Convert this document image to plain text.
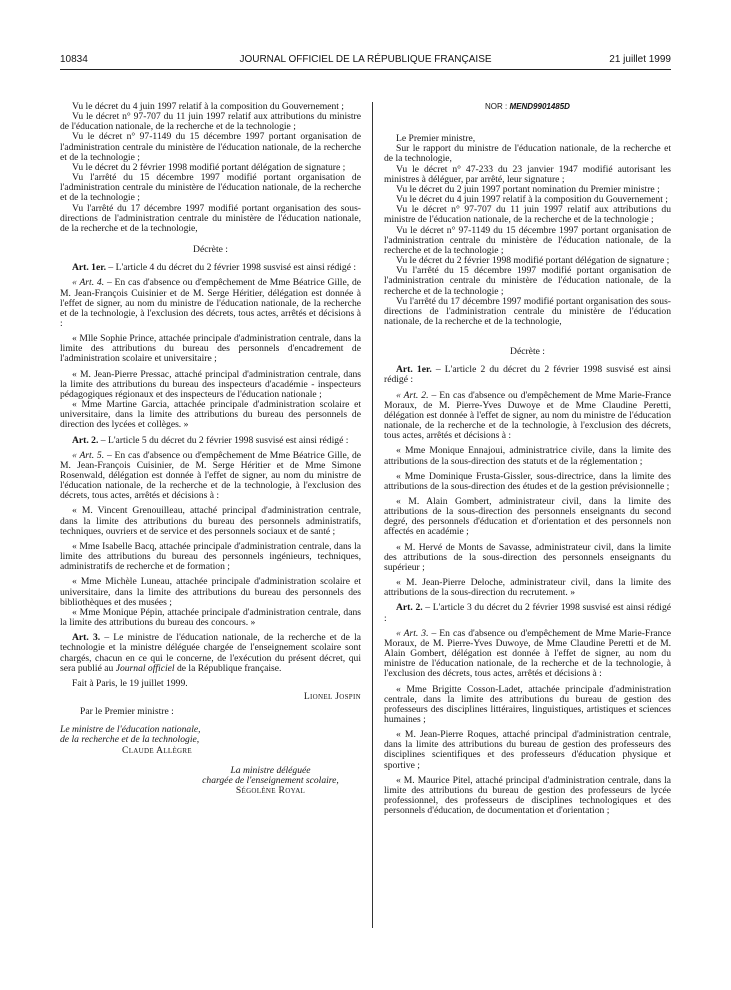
10834	JOURNAL OFFICIEL DE LA RÉPUBLIQUE FRANÇAISE	21 juillet 1999

Vu le décret du 4 juin 1997 relatif à la composition du Gouvernement ;

Vu le décret n° 97-707 du 11 juin 1997 relatif aux attributions du ministre de l'éducation nationale, de la recherche et de la technologie ;

Vu le décret n° 97-1149 du 15 décembre 1997 portant organisation de l'administration centrale du ministère de l'éducation nationale, de la recherche et de la technologie ;

Vu le décret du 2 février 1998 modifié portant délégation de signature ;

Vu l'arrêté du 15 décembre 1997 modifié portant organisation de l'administration centrale du ministère de l'éducation nationale, de la recherche et de la technologie ;

Vu l'arrêté du 17 décembre 1997 modifié portant organisation des sous-directions de l'administration centrale du ministère de l'éducation nationale, de la recherche et de la technologie,

Décrète :

Art. 1er. – L'article 4 du décret du 2 février 1998 susvisé est ainsi rédigé :

« Art. 4. – En cas d'absence ou d'empêchement de Mme Béatrice Gille, de M. Jean-François Cuisinier et de M. Serge Héritier, délégation est donnée à l'effet de signer, au nom du ministre de l'éducation nationale, de la recherche et de la technologie, à l'exclusion des décrets, tous actes, arrêtés et décisions à :

« Mlle Sophie Prince, attachée principale d'administration centrale, dans la limite des attributions du bureau des personnels d'encadrement de l'administration scolaire et universitaire ;

« M. Jean-Pierre Pressac, attaché principal d'administration centrale, dans la limite des attributions du bureau des inspecteurs d'académie - inspecteurs pédagogiques régionaux et des inspecteurs de l'éducation nationale ;

« Mme Martine Garcia, attachée principale d'administration scolaire et universitaire, dans la limite des attributions du bureau des personnels de direction des lycées et collèges. »

Art. 2. – L'article 5 du décret du 2 février 1998 susvisé est ainsi rédigé :

« Art. 5. – En cas d'absence ou d'empêchement de Mme Béatrice Gille, de M. Jean-François Cuisinier, de M. Serge Héritier et de Mme Simone Rosenwald, délégation est donnée à l'effet de signer, au nom du ministre de l'éducation nationale, de la recherche et de la technologie, à l'exclusion des décrets, tous actes, arrêtés et décisions à :

« M. Vincent Grenouilleau, attaché principal d'administration centrale, dans la limite des attributions du bureau des personnels administratifs, techniques, ouvriers et de service et des personnels sociaux et de santé ;

« Mme Isabelle Bacq, attachée principale d'administration centrale, dans la limite des attributions du bureau des personnels ingénieurs, techniques, administratifs de recherche et de formation ;

« Mme Michèle Luneau, attachée principale d'administration scolaire et universitaire, dans la limite des attributions du bureau des personnels des bibliothèques et des musées ;

« Mme Monique Pépin, attachée principale d'administration centrale, dans la limite des attributions du bureau des concours. »

Art. 3. – Le ministre de l'éducation nationale, de la recherche et de la technologie et la ministre déléguée chargée de l'enseignement scolaire sont chargés, chacun en ce qui le concerne, de l'exécution du présent décret, qui sera publié au Journal officiel de la République française.

Fait à Paris, le 19 juillet 1999.

Lionel Jospin

Par le Premier ministre :

Le ministre de l'éducation nationale,
de la recherche et de la technologie,
Claude Allègre
La ministre déléguée
chargée de l'enseignement scolaire,
Ségolène Royal

NOR : MEND9901485D

Le Premier ministre,

Sur le rapport du ministre de l'éducation nationale, de la recherche et de la technologie,

Vu le décret n° 47-233 du 23 janvier 1947 modifié autorisant les ministres à déléguer, par arrêté, leur signature ;

Vu le décret du 2 juin 1997 portant nomination du Premier ministre ;

Vu le décret du 4 juin 1997 relatif à la composition du Gouvernement ;

Vu le décret n° 97-707 du 11 juin 1997 relatif aux attributions du ministre de l'éducation nationale, de la recherche et de la technologie ;

Vu le décret n° 97-1149 du 15 décembre 1997 portant organisation de l'administration centrale du ministère de l'éducation nationale, de la recherche et de la technologie ;

Vu le décret du 2 février 1998 modifié portant délégation de signature ;

Vu l'arrêté du 15 décembre 1997 modifié portant organisation de l'administration centrale du ministère de l'éducation nationale, de la recherche et de la technologie ;

Vu l'arrêté du 17 décembre 1997 modifié portant organisation des sous-directions de l'administration centrale du ministère de l'éducation nationale, de la recherche et de la technologie,

Décrète :

Art. 1er. – L'article 2 du décret du 2 février 1998 susvisé est ainsi rédigé :

« Art. 2. – En cas d'absence ou d'empêchement de Mme Marie-France Moraux, de M. Pierre-Yves Duwoye et de Mme Claudine Peretti, délégation est donnée à l'effet de signer, au nom du ministre de l'éducation nationale, de la recherche et de la technologie, à l'exclusion des décrets, tous actes, arrêtés et décisions à :

« Mme Monique Ennajoui, administratrice civile, dans la limite des attributions de la sous-direction des statuts et de la réglementation ;

« Mme Dominique Frusta-Gissler, sous-directrice, dans la limite des attributions de la sous-direction des études et de la gestion prévisionnelle ;

« M. Alain Gombert, administrateur civil, dans la limite des attributions de la sous-direction des personnels enseignants du second degré, des personnels d'éducation et d'orientation et des personnels non affectés en académie ;

« M. Hervé de Monts de Savasse, administrateur civil, dans la limite des attributions de la sous-direction des personnels enseignants du supérieur ;

« M. Jean-Pierre Deloche, administrateur civil, dans la limite des attributions de la sous-direction du recrutement. »

Art. 2. – L'article 3 du décret du 2 février 1998 susvisé est ainsi rédigé :

« Art. 3. – En cas d'absence ou d'empêchement de Mme Marie-France Moraux, de M. Pierre-Yves Duwoye, de Mme Claudine Peretti et de M. Alain Gombert, délégation est donnée à l'effet de signer, au nom du ministre de l'éducation nationale, de la recherche et de la technologie, à l'exclusion des décrets, tous actes, arrêtés et décisions à :

« Mme Brigitte Cosson-Ladet, attachée principale d'administration centrale, dans la limite des attributions du bureau de gestion des professeurs des disciplines littéraires, linguistiques, artistiques et sciences humaines ;

« M. Jean-Pierre Roques, attaché principal d'administration centrale, dans la limite des attributions du bureau de gestion des professeurs des disciplines scientifiques et des professeurs d'éducation physique et sportive ;

« M. Maurice Pitel, attaché principal d'administration centrale, dans la limite des attributions du bureau de gestion des professeurs de lycée professionnel, des professeurs de disciplines technologiques et des personnels d'éducation, de documentation et d'orientation ;
